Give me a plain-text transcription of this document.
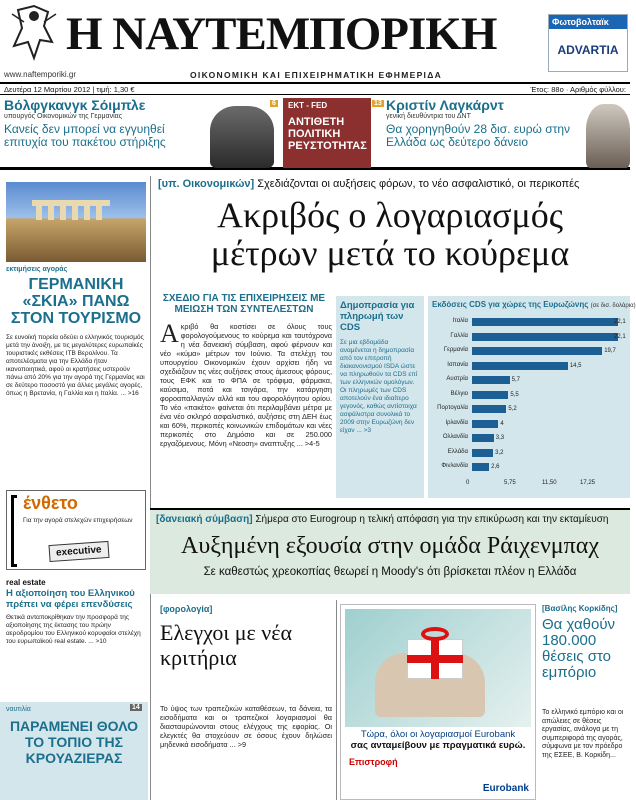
Η ΝΑΥΤΕΜΠΟΡΙΚΗ	Φωτοβολταϊκ
ADVARTIA
www.naftemporiki.gr	ΟΙΚΟΝΟΜΙΚΗ ΚΑΙ ΕΠΙΧΕΙΡΗΜΑΤΙΚΗ ΕΦΗΜΕΡΙΔΑ
Δευτέρα 12 Μαρτίου 2012 | τιμή: 1,30 €	Έτος: 88ο · Αριθμός φύλλου:
Βόλφγκανγκ Σόιμπλε
υπουργός Οικονομικών της Γερμανίας
Κανείς δεν μπορεί να εγγυηθεί επιτυχία του πακέτου στήριξης
6 ΕΚΤ - FED
ΑΝΤΙΘΕΤΗ ΠΟΛΙΤΙΚΗ ΡΕΥΣΤΟΤΗΤΑΣ
13 Κριστίν Λαγκάρντ
γενική διευθύντρια του ΔΝΤ
Θα χορηγηθούν 28 δισ. ευρώ στην Ελλάδα ως δεύτερο δάνειο
εκτιμήσεις αγοράς
ΓΕΡΜΑΝΙΚΗ «ΣΚΙΑ» ΠΑΝΩ ΣΤΟΝ ΤΟΥΡΙΣΜΟ
Σε ευνοϊκή πορεία οδεύει ο ελληνικός τουρισμός μετά την άνοιξη, με τις μεγαλύτερες ευρωπαϊκές τουριστικές εκθέσεις ITB Βερολίνου. Τα αποτελέσματα για την Ελλάδα ήταν ικανοποιητικά, αφού οι κρατήσεις υστερούν πάνω από 20% για την αγορά της Γερμανίας και σε δεύτερο ποσοστό για άλλες μεγάλες αγορές, όπως η Βρετανία, η Γαλλία και η Ιταλία. ... >16
ένθετο
Για την αγορά στελεχών επιχειρήσεων
executive
real estate
Η αξιοποίηση του Ελληνικού πρέπει να φέρει επενδύσεις
Θετικά ανταποκρίθηκαν την προσφορά της αξιοποίησης της έκτασης του πρώην αεροδρομίου του Ελληνικού κορυφαίοι στελέχη του ευρωπαϊκού real estate. ... >10
ναυτιλία	14
ΠΑΡΑΜΕΝΕΙ ΘΟΛΟ ΤΟ ΤΟΠΙΟ ΤΗΣ ΚΡΟΥΑΖΙΕΡΑΣ
[υπ. Οικονομικών] Σχεδιάζονται οι αυξήσεις φόρων, το νέο ασφαλιστικό, οι περικοπές
Ακριβός ο λογαριασμός
μέτρων μετά το κούρεμα
ΣΧΕΔΙΟ ΓΙΑ ΤΙΣ ΕΠΙΧΕΙΡΗΣΕΙΣ ΜΕ ΜΕΙΩΣΗ ΤΩΝ ΣΥΝΤΕΛΕΣΤΩΝ
Ακριβό θα κοστίσει σε όλους τους φορολογούμενους το κούρεμα και ταυτόχρονα η νέα δανειακή σύμβαση, αφού φέρνουν και νέο «κύμα» μέτρων τον Ιούνιο. Τα στελέχη του υπουργείου Οικονομικών έχουν αρχίσει ήδη να σχεδιάζουν τις νέες αυξήσεις στους άμεσους φόρους, τους ΕΦΚ και το ΦΠΑ σε τρόφιμα, φάρμακα, καύσιμα, ποτά και τσιγάρα, την κατάργηση φοροαπαλλαγών αλλά και του αφορολόγητου ορίου. Το νέο «πακέτο» φαίνεται ότι περιλαμβάνει μέτρα με ένα νέο σκληρό ασφαλιστικό, αυξήσεις στη ΔΕΗ έως και 60%, περικοπές κοινωνικών επιδομάτων και νέες περικοπές στο Δημόσιο και σε 250.000 εργαζόμενους. Μόνη «Νεοση» αναπτυξης ... >4-5
Δημοπρασία για πληρωμή των CDS
Σε μια εβδομάδα αναμένεται η δημοπρασία από τον επιτροπή διακανονισμού ISDA ώστε να πληρωθούν τα CDS επί των ελληνικών ομολόγων. Οι πληρωμές των CDS αποτελούν ένα ιδιαίτερο γεγονός, καθώς αντίστοιχα ασφάλιστρα συνολικά το 2009 στην Ευρωζώνη δεν είχαν ... >3
Εκδόσεις CDS για χώρες της Ευρωζώνης (σε δισ. δολάρια)
Ιταλία	22,1
Γαλλία	22,1
Γερμανία	19,7
Ισπανία	14,5
Αυστρία	5,7
Βέλγιο	5,5
Πορτογαλία	5,2
Ιρλανδία	4
Ολλανδία	3,3
Ελλάδα	3,2
Φινλανδία	2,6
0	5,75	11,50	17,25
[δανειακή σύμβαση] Σήμερα στο Eurogroup η τελική απόφαση για την επικύρωση και την εκταμίευση
Αυξημένη εξουσία στην ομάδα Ράιχενμπαχ
Σε καθεστώς χρεοκοπίας θεωρεί η Moody's ότι βρίσκεται πλέον η Ελλάδα
[φορολογία]
Ελεγχοι με νέα κριτήρια
Το ύψος των τραπεζικών καταθέσεων, τα δάνεια, τα εισοδήματα και οι τραπεζικοί λογαριασμοί θα διασταυρώνονται στους ελέγχους της εφορίας. Οι ελεγκτές θα στοχεύουν σε όσους έχουν δηλώσει μηδενικά εισοδήματα ... >9
Τώρα, όλοι οι λογαριασμοί Eurobank
σας ανταμείβουν με πραγματικά ευρώ.
Επιστροφή
Eurobank
[Βασίλης Κορκίδης]
Θα χαθούν 180.000 θέσεις στο εμπόριο
Το ελληνικό εμπόριο και οι απώλειες σε θέσεις εργασίας, ανάλογα με τη συμπεριφορά της αγοράς, σύμφωνα με τον πρόεδρο της ΕΣΕΕ, Β. Κορκίδη...
